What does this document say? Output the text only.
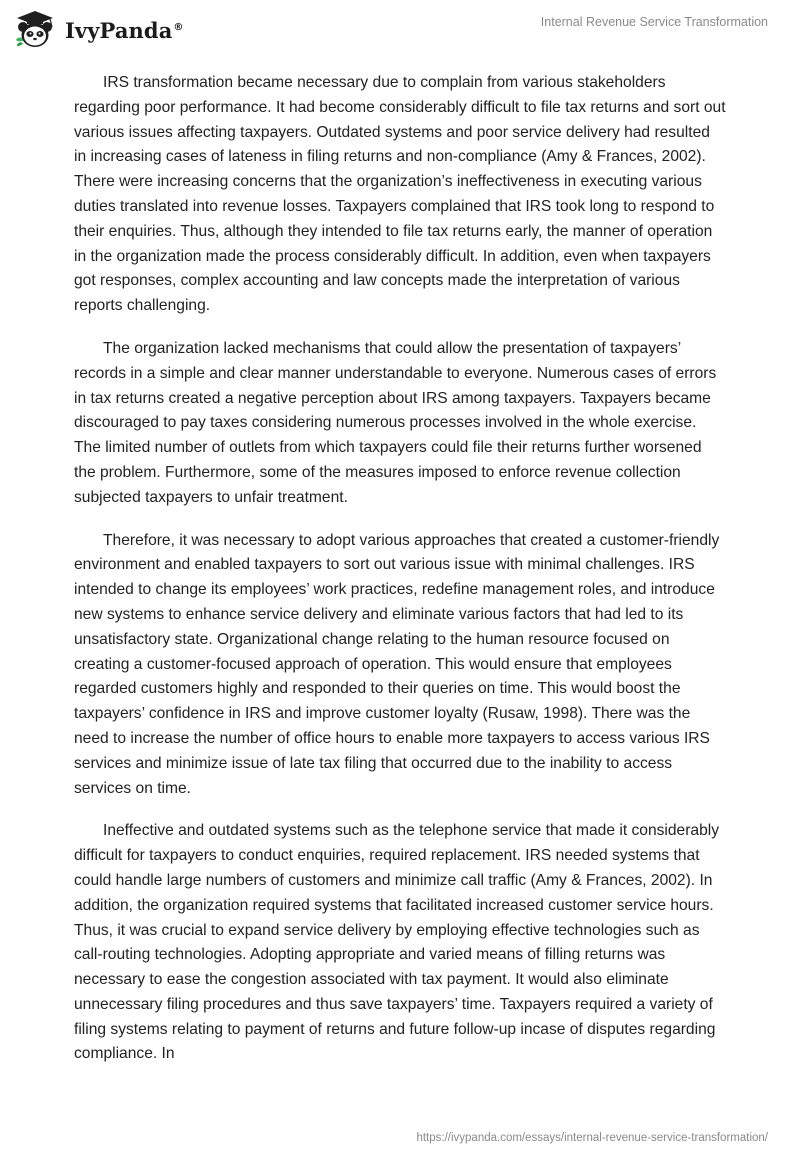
IvyPanda®	Internal Revenue Service Transformation

IRS transformation became necessary due to complain from various stakeholders regarding poor performance. It had become considerably difficult to file tax returns and sort out various issues affecting taxpayers. Outdated systems and poor service delivery had resulted in increasing cases of lateness in filing returns and non-compliance (Amy & Frances, 2002). There were increasing concerns that the organization’s ineffectiveness in executing various duties translated into revenue losses. Taxpayers complained that IRS took long to respond to their enquiries. Thus, although they intended to file tax returns early, the manner of operation in the organization made the process considerably difficult. In addition, even when taxpayers got responses, complex accounting and law concepts made the interpretation of various reports challenging.

The organization lacked mechanisms that could allow the presentation of taxpayers’ records in a simple and clear manner understandable to everyone. Numerous cases of errors in tax returns created a negative perception about IRS among taxpayers. Taxpayers became discouraged to pay taxes considering numerous processes involved in the whole exercise. The limited number of outlets from which taxpayers could file their returns further worsened the problem. Furthermore, some of the measures imposed to enforce revenue collection subjected taxpayers to unfair treatment.

Therefore, it was necessary to adopt various approaches that created a customer-friendly environment and enabled taxpayers to sort out various issue with minimal challenges. IRS intended to change its employees’ work practices, redefine management roles, and introduce new systems to enhance service delivery and eliminate various factors that had led to its unsatisfactory state. Organizational change relating to the human resource focused on creating a customer-focused approach of operation. This would ensure that employees regarded customers highly and responded to their queries on time. This would boost the taxpayers’ confidence in IRS and improve customer loyalty (Rusaw, 1998). There was the need to increase the number of office hours to enable more taxpayers to access various IRS services and minimize issue of late tax filing that occurred due to the inability to access services on time.

Ineffective and outdated systems such as the telephone service that made it considerably difficult for taxpayers to conduct enquiries, required replacement. IRS needed systems that could handle large numbers of customers and minimize call traffic (Amy & Frances, 2002). In addition, the organization required systems that facilitated increased customer service hours. Thus, it was crucial to expand service delivery by employing effective technologies such as call-routing technologies. Adopting appropriate and varied means of filling returns was necessary to ease the congestion associated with tax payment. It would also eliminate unnecessary filing procedures and thus save taxpayers’ time. Taxpayers required a variety of filing systems relating to payment of returns and future follow-up incase of disputes regarding compliance. In

https://ivypanda.com/essays/internal-revenue-service-transformation/
